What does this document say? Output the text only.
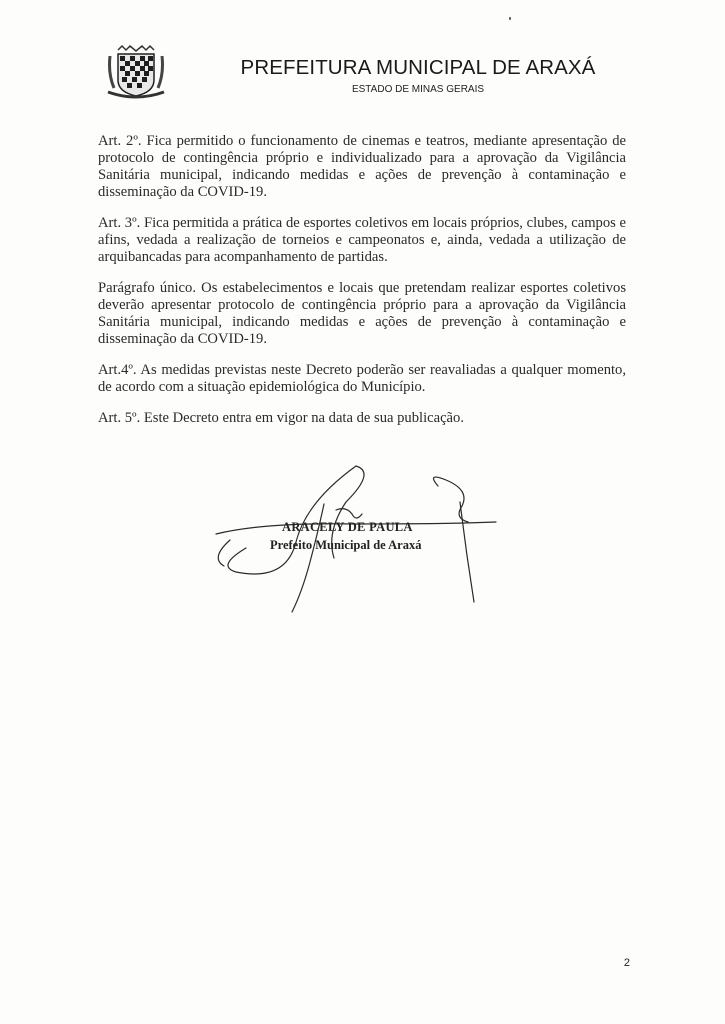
PREFEITURA MUNICIPAL DE ARAXÁ
ESTADO DE MINAS GERAIS

Art. 2º. Fica permitido o funcionamento de cinemas e teatros, mediante apresentação de protocolo de contingência próprio e individualizado para a aprovação da Vigilância Sanitária municipal, indicando medidas e ações de prevenção à contaminação e disseminação da COVID-19.

Art. 3º. Fica permitida a prática de esportes coletivos em locais próprios, clubes, campos e afins, vedada a realização de torneios e campeonatos e, ainda, vedada a utilização de arquibancadas para acompanhamento de partidas.

Parágrafo único. Os estabelecimentos e locais que pretendam realizar esportes coletivos deverão apresentar protocolo de contingência próprio para a aprovação da Vigilância Sanitária municipal, indicando medidas e ações de prevenção à contaminação e disseminação da COVID-19.

Art.4º. As medidas previstas neste Decreto poderão ser reavaliadas a qualquer momento, de acordo com a situação epidemiológica do Município.

Art. 5º. Este Decreto entra em vigor na data de sua publicação.

ARACELY DE PAULA
Prefeito Municipal de Araxá
2
